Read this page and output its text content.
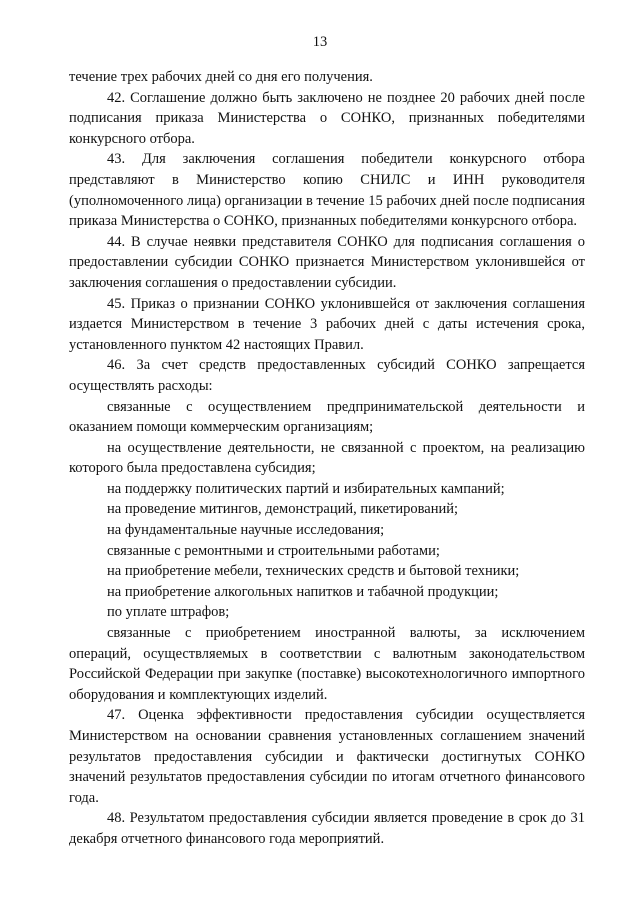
13

течение трех рабочих дней со дня его получения.

42. Соглашение должно быть заключено не позднее 20 рабочих дней после подписания приказа Министерства о СОНКО, признанных победителями конкурсного отбора.

43. Для заключения соглашения победители конкурсного отбора представляют в Министерство копию СНИЛС и ИНН руководителя (уполномоченного лица) организации в течение 15 рабочих дней после подписания приказа Министерства о СОНКО, признанных победителями конкурсного отбора.

44. В случае неявки представителя СОНКО для подписания соглашения о предоставлении субсидии СОНКО признается Министерством уклонившейся от заключения соглашения о предоставлении субсидии.

45. Приказ о признании СОНКО уклонившейся от заключения соглашения издается Министерством в течение 3 рабочих дней с даты истечения срока, установленного пунктом 42 настоящих Правил.

46. За счет средств предоставленных субсидий СОНКО запрещается осуществлять расходы:

связанные с осуществлением предпринимательской деятельности и оказанием помощи коммерческим организациям;

на осуществление деятельности, не связанной с проектом, на реализацию которого была предоставлена субсидия;

на поддержку политических партий и избирательных кампаний;

на проведение митингов, демонстраций, пикетирований;

на фундаментальные научные исследования;

связанные с ремонтными и строительными работами;

на приобретение мебели, технических средств и бытовой техники;

на приобретение алкогольных напитков и табачной продукции;

по уплате штрафов;

связанные с приобретением иностранной валюты, за исключением операций, осуществляемых в соответствии с валютным законодательством Российской Федерации при закупке (поставке) высокотехнологичного импортного оборудования и комплектующих изделий.

47. Оценка эффективности предоставления субсидии осуществляется Министерством на основании сравнения установленных соглашением значений результатов предоставления субсидии и фактически достигнутых СОНКО значений результатов предоставления субсидии по итогам отчетного финансового года.

48. Результатом предоставления субсидии является проведение в срок до 31 декабря отчетного финансового года мероприятий.
